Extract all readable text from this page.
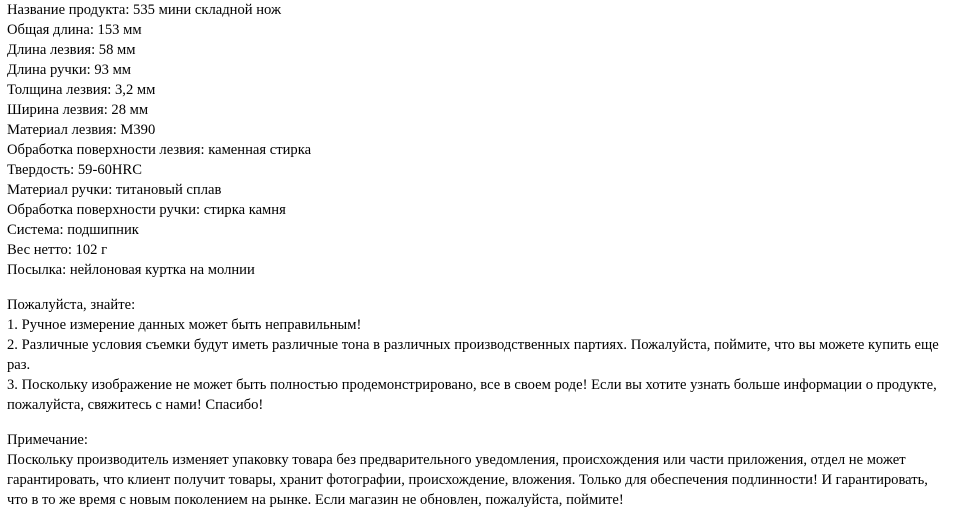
Название продукта: 535 мини складной нож
Общая длина: 153 мм
Длина лезвия: 58 мм
Длина ручки: 93 мм
Толщина лезвия: 3,2 мм
Ширина лезвия: 28 мм
Материал лезвия: M390
Обработка поверхности лезвия: каменная стирка
Твердость: 59-60HRC
Материал ручки: титановый сплав
Обработка поверхности ручки: стирка камня
Система: подшипник
Вес нетто: 102 г
Посылка: нейлоновая куртка на молнии
Пожалуйста, знайте:
1. Ручное измерение данных может быть неправильным!
2. Различные условия съемки будут иметь различные тона в различных производственных партиях. Пожалуйста, поймите, что вы можете купить еще раз.
3. Поскольку изображение не может быть полностью продемонстрировано, все в своем роде! Если вы хотите узнать больше информации о продукте, пожалуйста, свяжитесь с нами! Спасибо!
Примечание:
Поскольку производитель изменяет упаковку товара без предварительного уведомления, происхождения или части приложения, отдел не может гарантировать, что клиент получит товары, хранит фотографии, происхождение, вложения. Только для обеспечения подлинности! И гарантировать, что в то же время с новым поколением на рынке. Если магазин не обновлен, пожалуйста, поймите!
